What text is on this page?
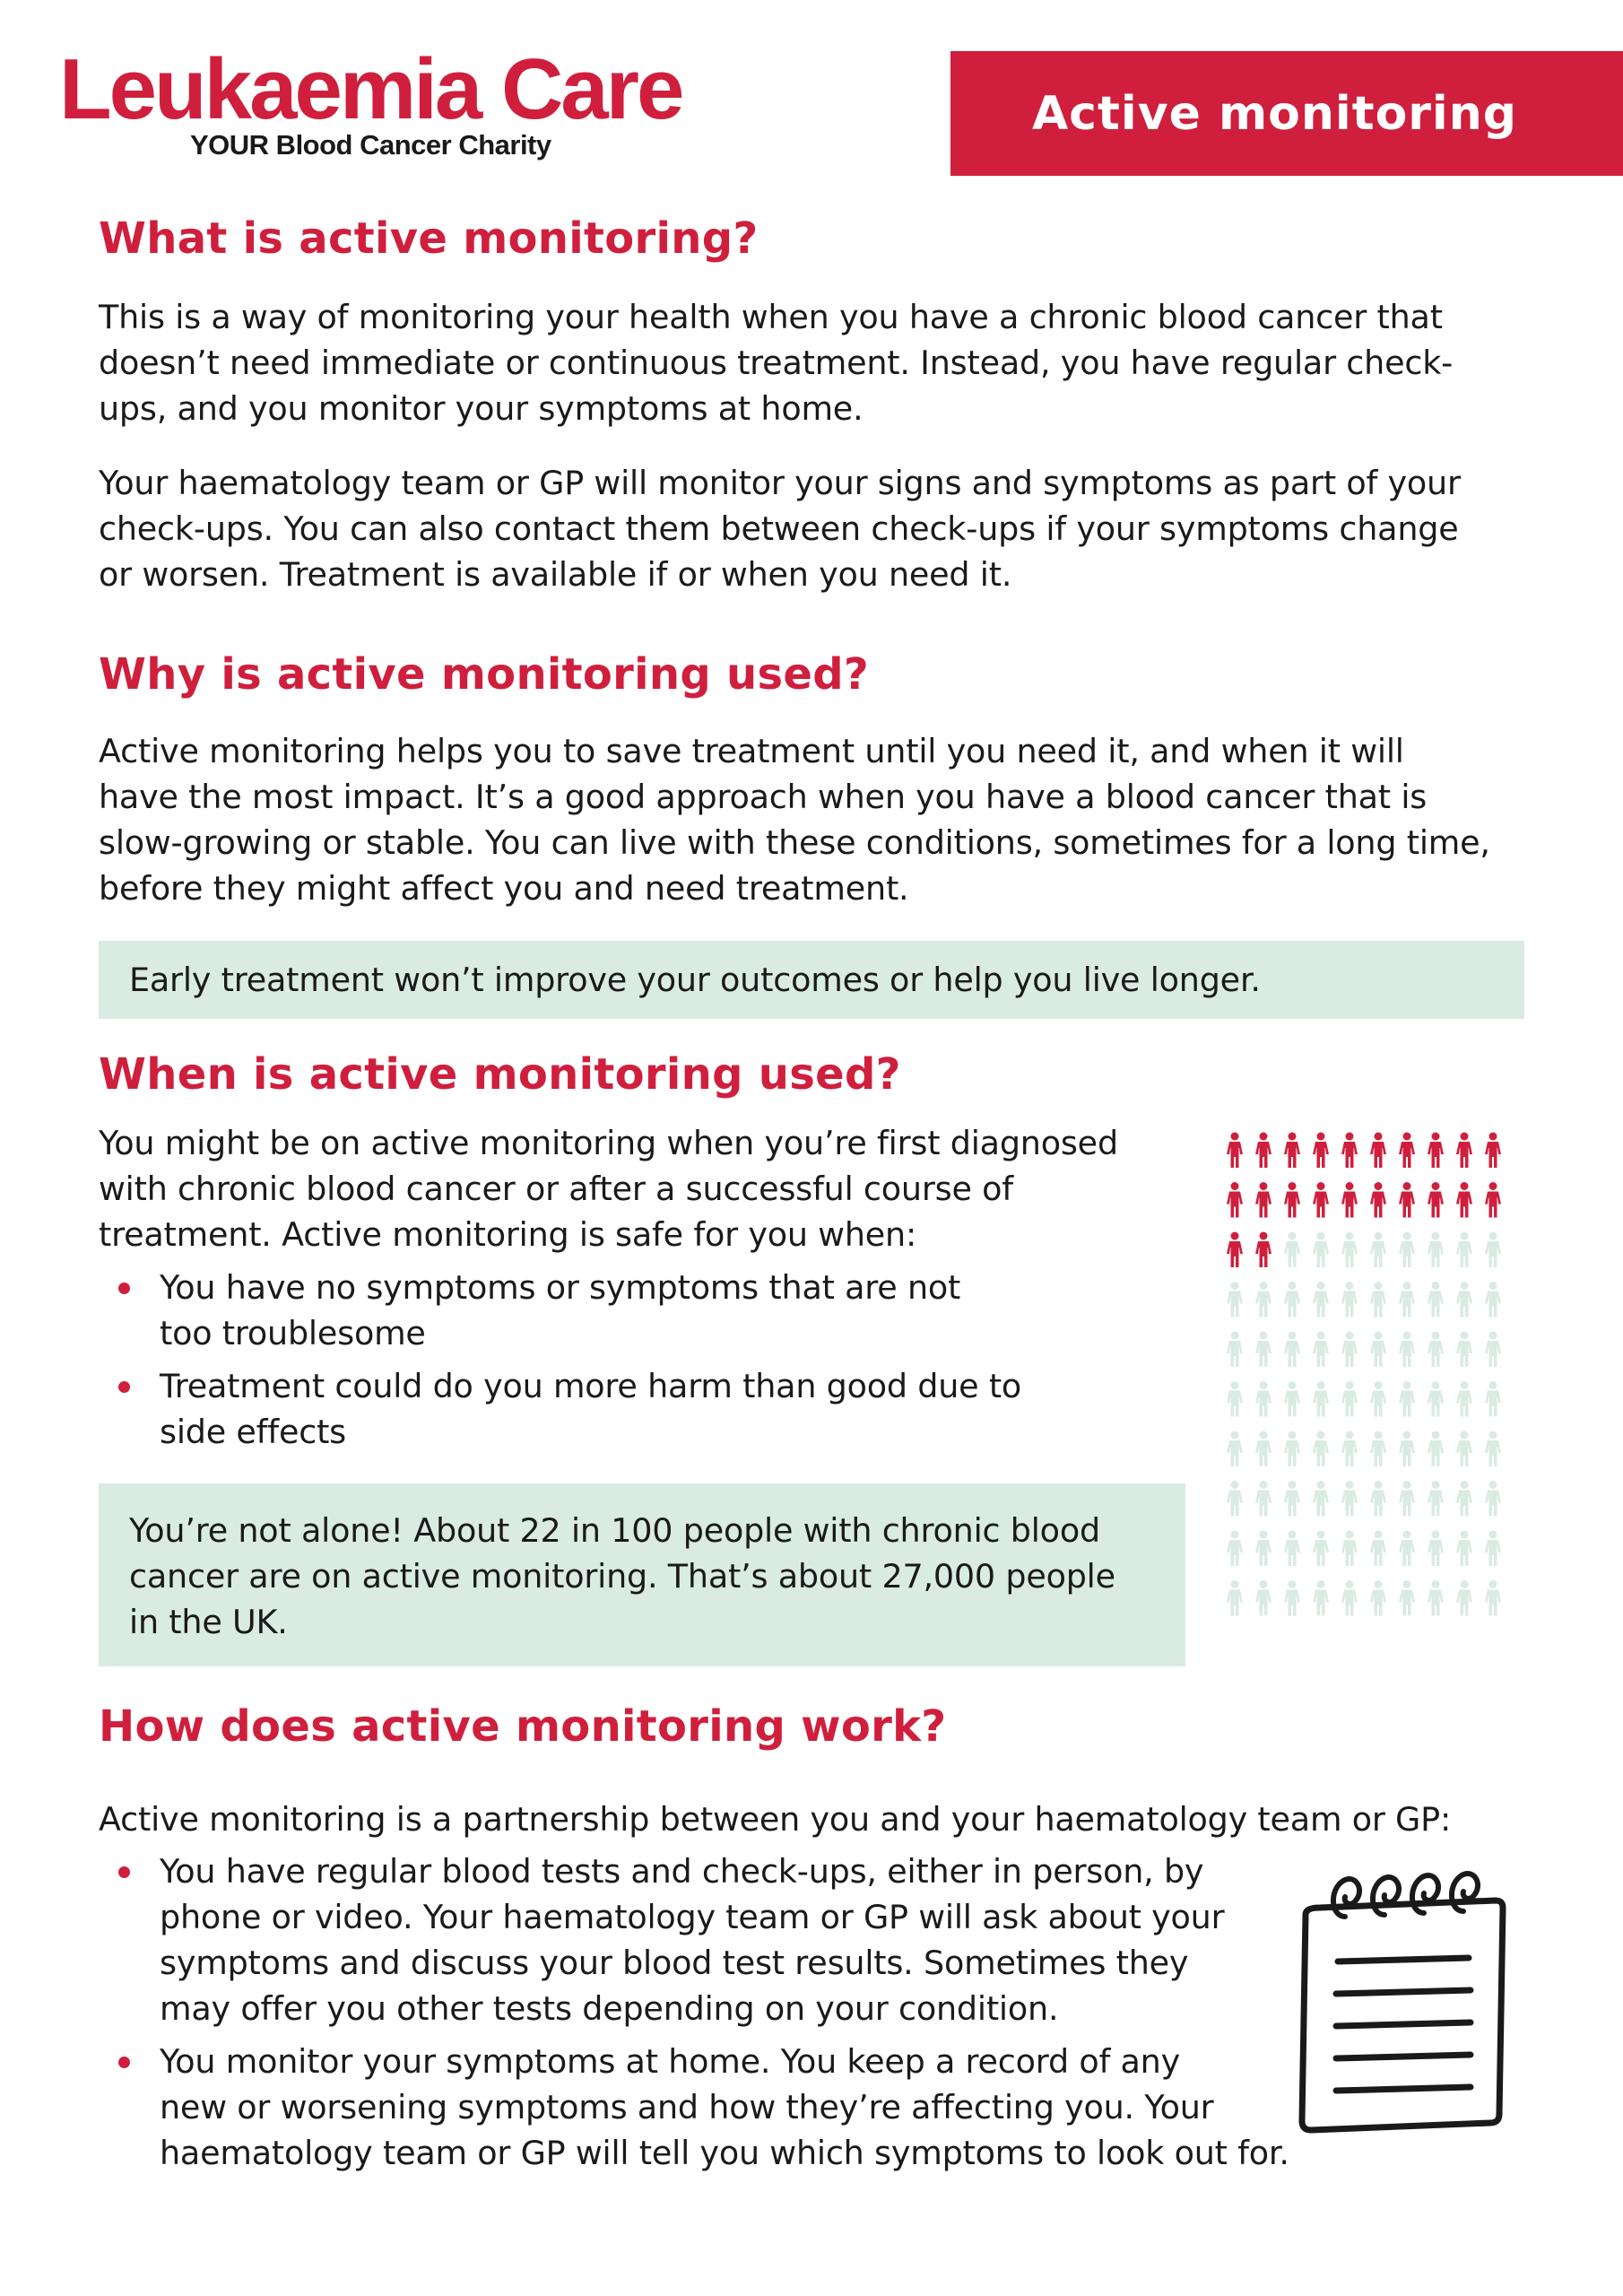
Leukaemia Care
YOUR Blood Cancer Charity
Active monitoring
What is active monitoring?

This is a way of monitoring your health when you have a chronic blood cancer that
doesn’t need immediate or continuous treatment. Instead, you have regular check-
ups, and you monitor your symptoms at home.

Your haematology team or GP will monitor your signs and symptoms as part of your
check-ups. You can also contact them between check-ups if your symptoms change
or worsen. Treatment is available if or when you need it.

Why is active monitoring used?

Active monitoring helps you to save treatment until you need it, and when it will
have the most impact. It’s a good approach when you have a blood cancer that is
slow-growing or stable. You can live with these conditions, sometimes for a long time,
before they might affect you and need treatment.

Early treatment won’t improve your outcomes or help you live longer.
When is active monitoring used?

You might be on active monitoring when you’re first diagnosed
with chronic blood cancer or after a successful course of
treatment. Active monitoring is safe for you when:

You have no symptoms or symptoms that are not
too troublesome
Treatment could do you more harm than good due to
side effects
You’re not alone! About 22 in 100 people with chronic blood
cancer are on active monitoring. That’s about 27,000 people
in the UK.
How does active monitoring work?

Active monitoring is a partnership between you and your haematology team or GP:

You have regular blood tests and check-ups, either in person, by
phone or video. Your haematology team or GP will ask about your
symptoms and discuss your blood test results. Sometimes they
may offer you other tests depending on your condition.
You monitor your symptoms at home. You keep a record of any
new or worsening symptoms and how they’re affecting you. Your
haematology team or GP will tell you which symptoms to look out for.
